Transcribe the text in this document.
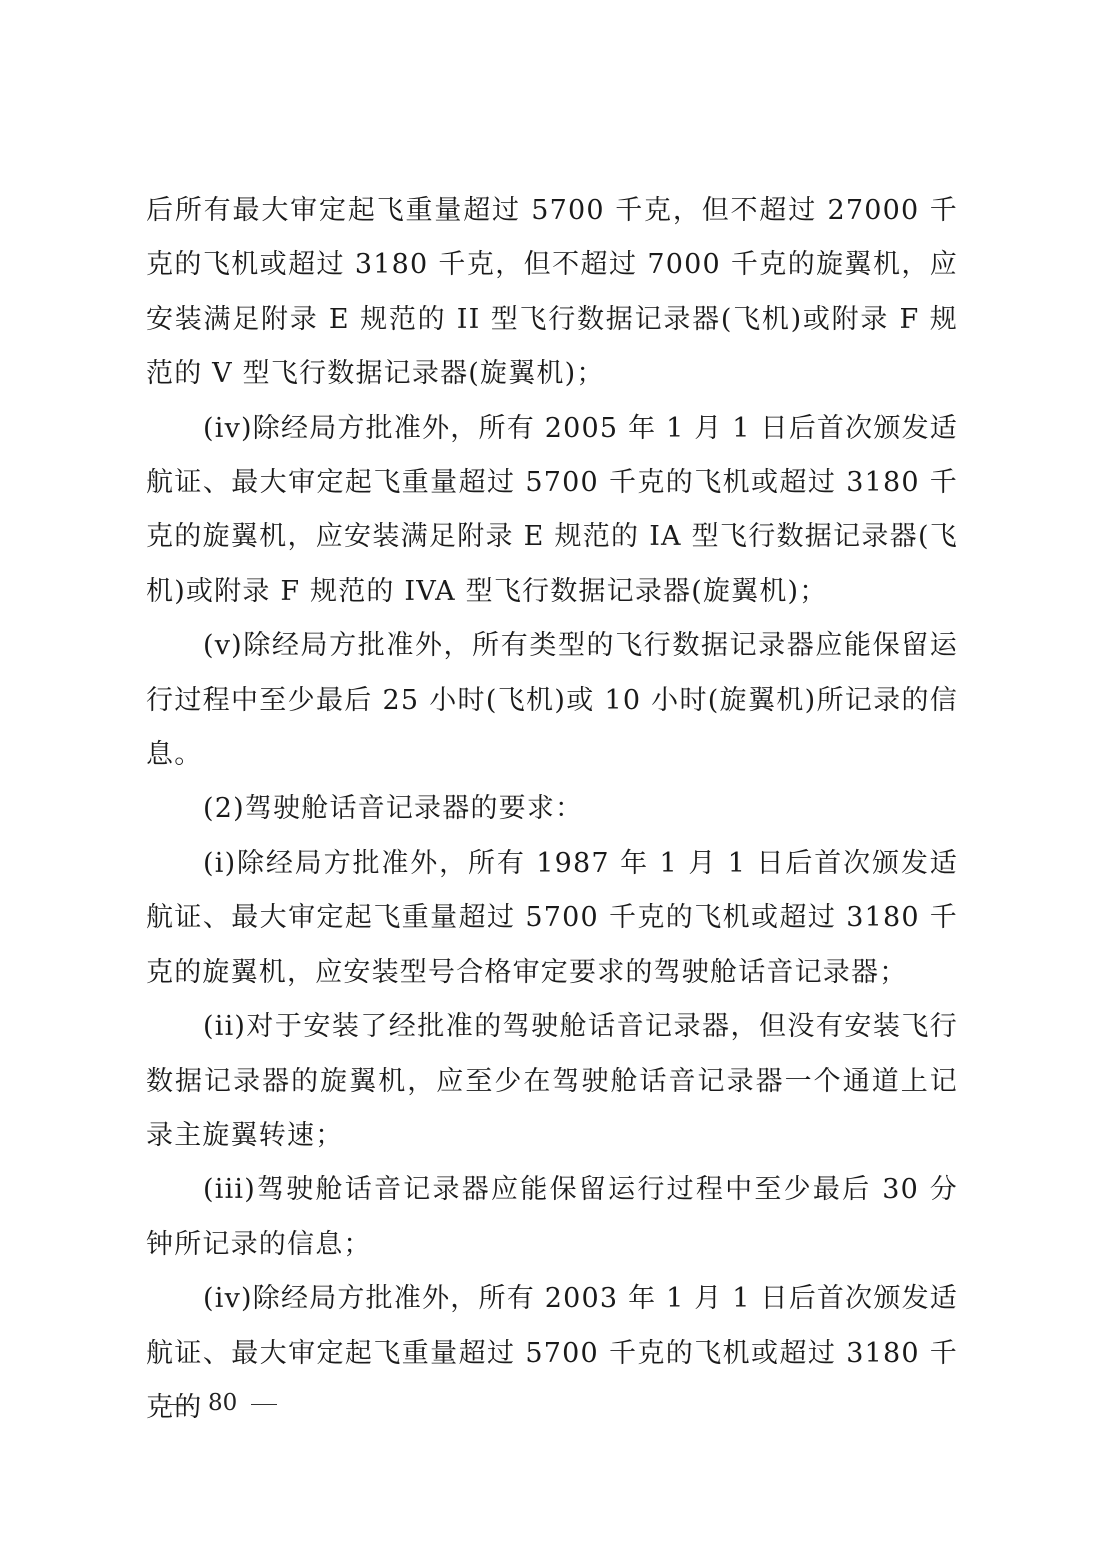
后所有最大审定起飞重量超过 5700 千克，但不超过 27000 千克的飞机或超过 3180 千克，但不超过 7000 千克的旋翼机，应安装满足附录 E 规范的 II 型飞行数据记录器(飞机)或附录 F 规范的 V 型飞行数据记录器(旋翼机)；

(iv)除经局方批准外，所有 2005 年 1 月 1 日后首次颁发适航证、最大审定起飞重量超过 5700 千克的飞机或超过 3180 千克的旋翼机，应安装满足附录 E 规范的 IA 型飞行数据记录器(飞机)或附录 F 规范的 IVA 型飞行数据记录器(旋翼机)；

(v)除经局方批准外，所有类型的飞行数据记录器应能保留运行过程中至少最后 25 小时(飞机)或 10 小时(旋翼机)所记录的信息。

(2)驾驶舱话音记录器的要求：

(i)除经局方批准外，所有 1987 年 1 月 1 日后首次颁发适航证、最大审定起飞重量超过 5700 千克的飞机或超过 3180 千克的旋翼机，应安装型号合格审定要求的驾驶舱话音记录器；

(ii)对于安装了经批准的驾驶舱话音记录器，但没有安装飞行数据记录器的旋翼机，应至少在驾驶舱话音记录器一个通道上记录主旋翼转速；

(iii)驾驶舱话音记录器应能保留运行过程中至少最后 30 分钟所记录的信息；

(iv)除经局方批准外，所有 2003 年 1 月 1 日后首次颁发适航证、最大审定起飞重量超过 5700 千克的飞机或超过 3180 千克的 80
